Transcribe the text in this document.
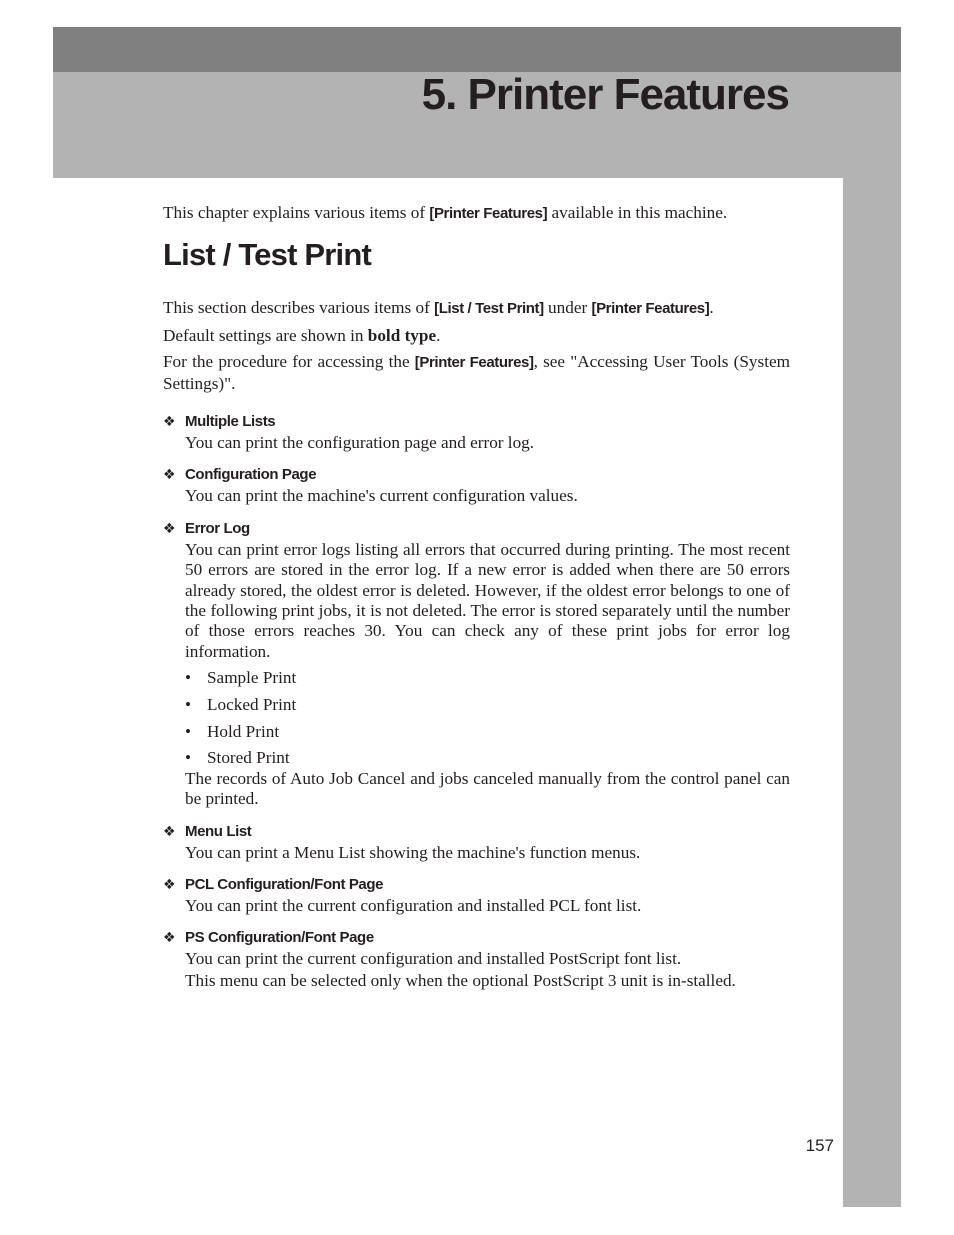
5. Printer Features

This chapter explains various items of [Printer Features] available in this machine.

List / Test Print

This section describes various items of [List / Test Print] under [Printer Features].

Default settings are shown in bold type.

For the procedure for accessing the [Printer Features], see "Accessing User Tools (System Settings)".

❖ Multiple Lists

You can print the configuration page and error log.

❖ Configuration Page

You can print the machine's current configuration values.

❖ Error Log

You can print error logs listing all errors that occurred during printing. The most recent 50 errors are stored in the error log. If a new error is added when there are 50 errors already stored, the oldest error is deleted. However, if the oldest error belongs to one of the following print jobs, it is not deleted. The error is stored separately until the number of those errors reaches 30. You can check any of these print jobs for error log information.

• Sample Print
• Locked Print
• Hold Print
• Stored Print

The records of Auto Job Cancel and jobs canceled manually from the control panel can be printed.

❖ Menu List

You can print a Menu List showing the machine's function menus.

❖ PCL Configuration/Font Page

You can print the current configuration and installed PCL font list.

❖ PS Configuration/Font Page

You can print the current configuration and installed PostScript font list.

This menu can be selected only when the optional PostScript 3 unit is in-stalled.

157
